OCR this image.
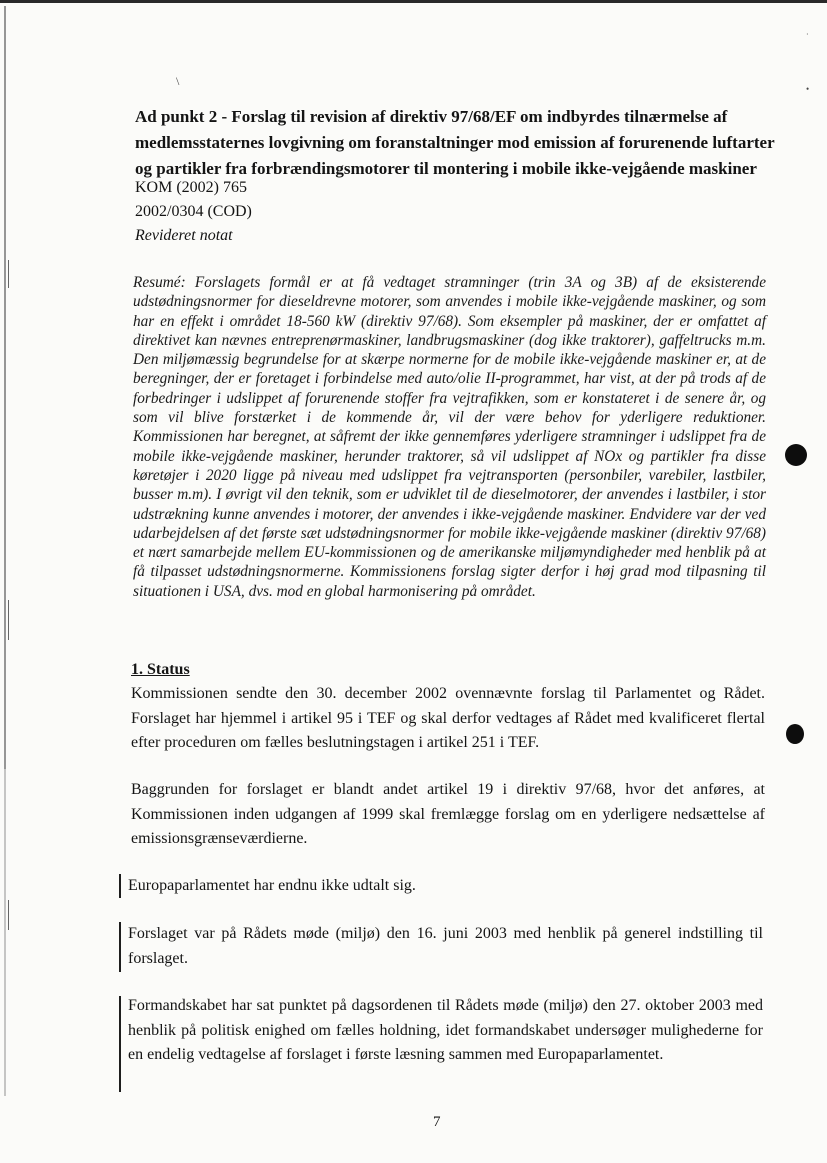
\
•
·
Ad punkt 2 - Forslag til revision af direktiv 97/68/EF om indbyrdes tilnærmelse af medlemsstaternes lovgivning om foranstaltninger mod emission af forurenende luftarter og partikler fra forbrændingsmotorer til montering i mobile ikke-vejgående maskiner
KOM (2002) 765
2002/0304 (COD)
Revideret notat

Resumé: Forslagets formål er at få vedtaget stramninger (trin 3A og 3B) af de eksisterende udstødningsnormer for dieseldrevne motorer, som anvendes i mobile ikke-vejgående maskiner, og som har en effekt i området 18-560 kW (direktiv 97/68). Som eksempler på maskiner, der er omfattet af direktivet kan nævnes entreprenørmaskiner, landbrugsmaskiner (dog ikke traktorer), gaffeltrucks m.m. Den miljømæssig begrundelse for at skærpe normerne for de mobile ikke-vejgående maskiner er, at de beregninger, der er foretaget i forbindelse med auto/olie II-programmet, har vist, at der på trods af de forbedringer i udslippet af forurenende stoffer fra vejtrafikken, som er konstateret i de senere år, og som vil blive forstærket i de kommende år, vil der være behov for yderligere reduktioner. Kommissionen har beregnet, at såfremt der ikke gennemføres yderligere stramninger i udslippet fra de mobile ikke-vejgående maskiner, herunder traktorer, så vil udslippet af NOx og partikler fra disse køretøjer i 2020 ligge på niveau med udslippet fra vejtransporten (personbiler, varebiler, lastbiler, busser m.m). I øvrigt vil den teknik, som er udviklet til de dieselmotorer, der anvendes i lastbiler, i stor udstrækning kunne anvendes i motorer, der anvendes i ikke-vejgående maskiner. Endvidere var der ved udarbejdelsen af det første sæt udstødningsnormer for mobile ikke-vejgående maskiner (direktiv 97/68) et nært samarbejde mellem EU-kommissionen og de amerikanske miljømyndigheder med henblik på at få tilpasset udstødningsnormerne. Kommissionens forslag sigter derfor i høj grad mod tilpasning til situationen i USA, dvs. mod en global harmonisering på området.

1. Status

Kommissionen sendte den 30. december 2002 ovennævnte forslag til Parlamentet og Rådet. Forslaget har hjemmel i artikel 95 i TEF og skal derfor vedtages af Rådet med kvalificeret flertal efter proceduren om fælles beslutningstagen i artikel 251 i TEF.

Baggrunden for forslaget er blandt andet artikel 19 i direktiv 97/68, hvor det anføres, at Kommissionen inden udgangen af 1999 skal fremlægge forslag om en yderligere nedsættelse af emissionsgrænseværdierne.

Europaparlamentet har endnu ikke udtalt sig.

Forslaget var på Rådets møde (miljø) den 16. juni 2003 med henblik på generel indstilling til forslaget.

Formandskabet har sat punktet på dagsordenen til Rådets møde (miljø) den 27. oktober 2003 med henblik på politisk enighed om fælles holdning, idet formandskabet undersøger mulighederne for en endelig vedtagelse af forslaget i første læsning sammen med Europaparlamentet.

7
